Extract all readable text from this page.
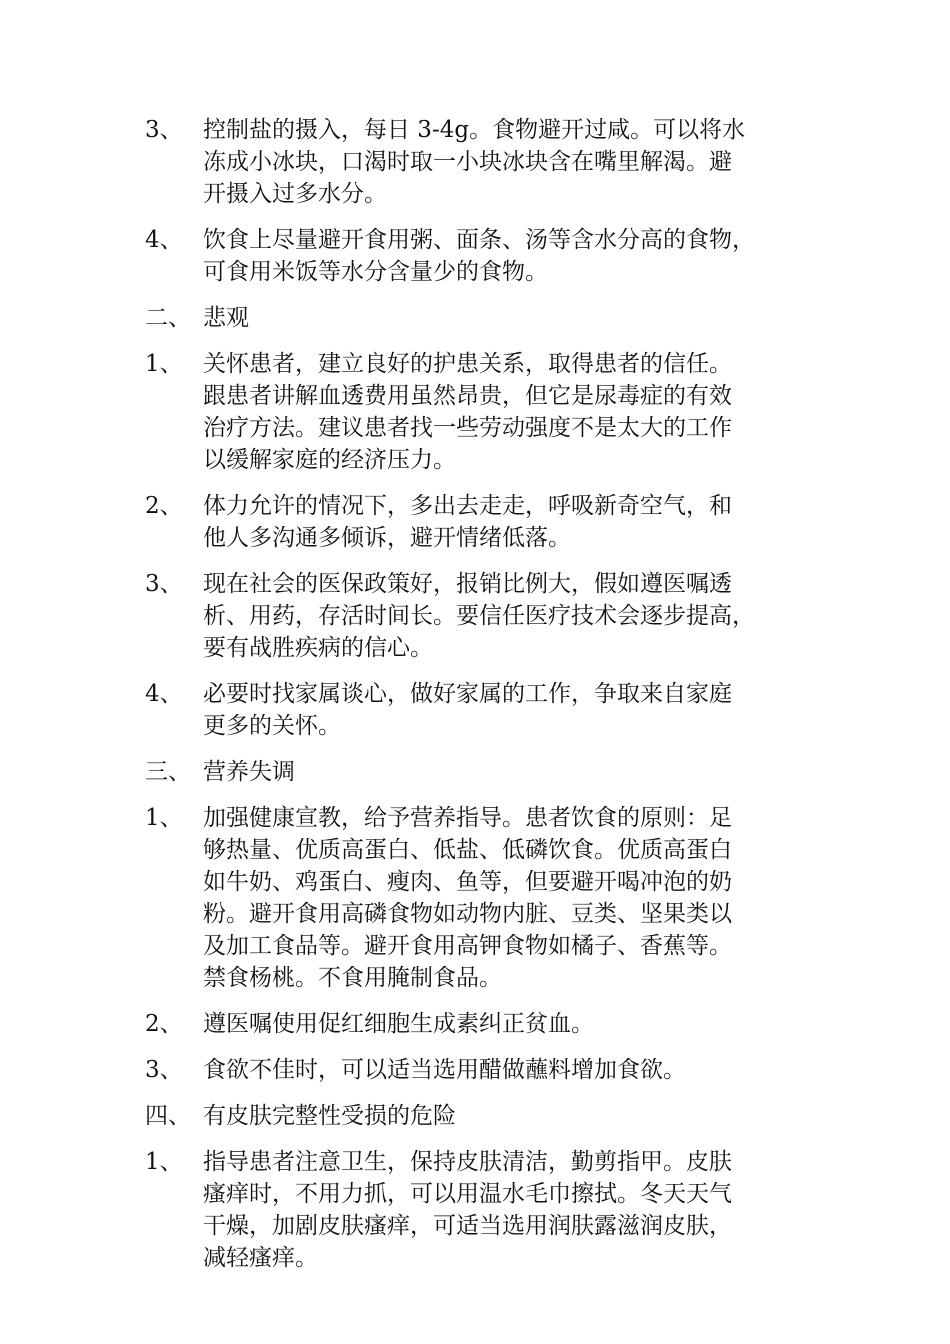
3、 控制盐的摄入，每日 3-4g。食物避开过咸。可以将水
冻成小冰块，口渴时取一小块冰块含在嘴里解渴。避
开摄入过多水分。
4、 饮食上尽量避开食用粥、面条、汤等含水分高的食物，
可食用米饭等水分含量少的食物。
二、 悲观
1、 关怀患者，建立良好的护患关系，取得患者的信任。
跟患者讲解血透费用虽然昂贵，但它是尿毒症的有效
治疗方法。建议患者找一些劳动强度不是太大的工作
以缓解家庭的经济压力。
2、 体力允许的情况下，多出去走走，呼吸新奇空气，和
他人多沟通多倾诉，避开情绪低落。
3、 现在社会的医保政策好，报销比例大，假如遵医嘱透
析、用药，存活时间长。要信任医疗技术会逐步提高，
要有战胜疾病的信心。
4、 必要时找家属谈心，做好家属的工作，争取来自家庭
更多的关怀。
三、 营养失调
1、 加强健康宣教，给予营养指导。患者饮食的原则：足
够热量、优质高蛋白、低盐、低磷饮食。优质高蛋白
如牛奶、鸡蛋白、瘦肉、鱼等，但要避开喝冲泡的奶
粉。避开食用高磷食物如动物内脏、豆类、坚果类以
及加工食品等。避开食用高钾食物如橘子、香蕉等。
禁食杨桃。不食用腌制食品。
2、 遵医嘱使用促红细胞生成素纠正贫血。
3、 食欲不佳时，可以适当选用醋做蘸料增加食欲。
四、 有皮肤完整性受损的危险
1、 指导患者注意卫生，保持皮肤清洁，勤剪指甲。皮肤
瘙痒时，不用力抓，可以用温水毛巾擦拭。冬天天气
干燥，加剧皮肤瘙痒，可适当选用润肤露滋润皮肤，
减轻瘙痒。
